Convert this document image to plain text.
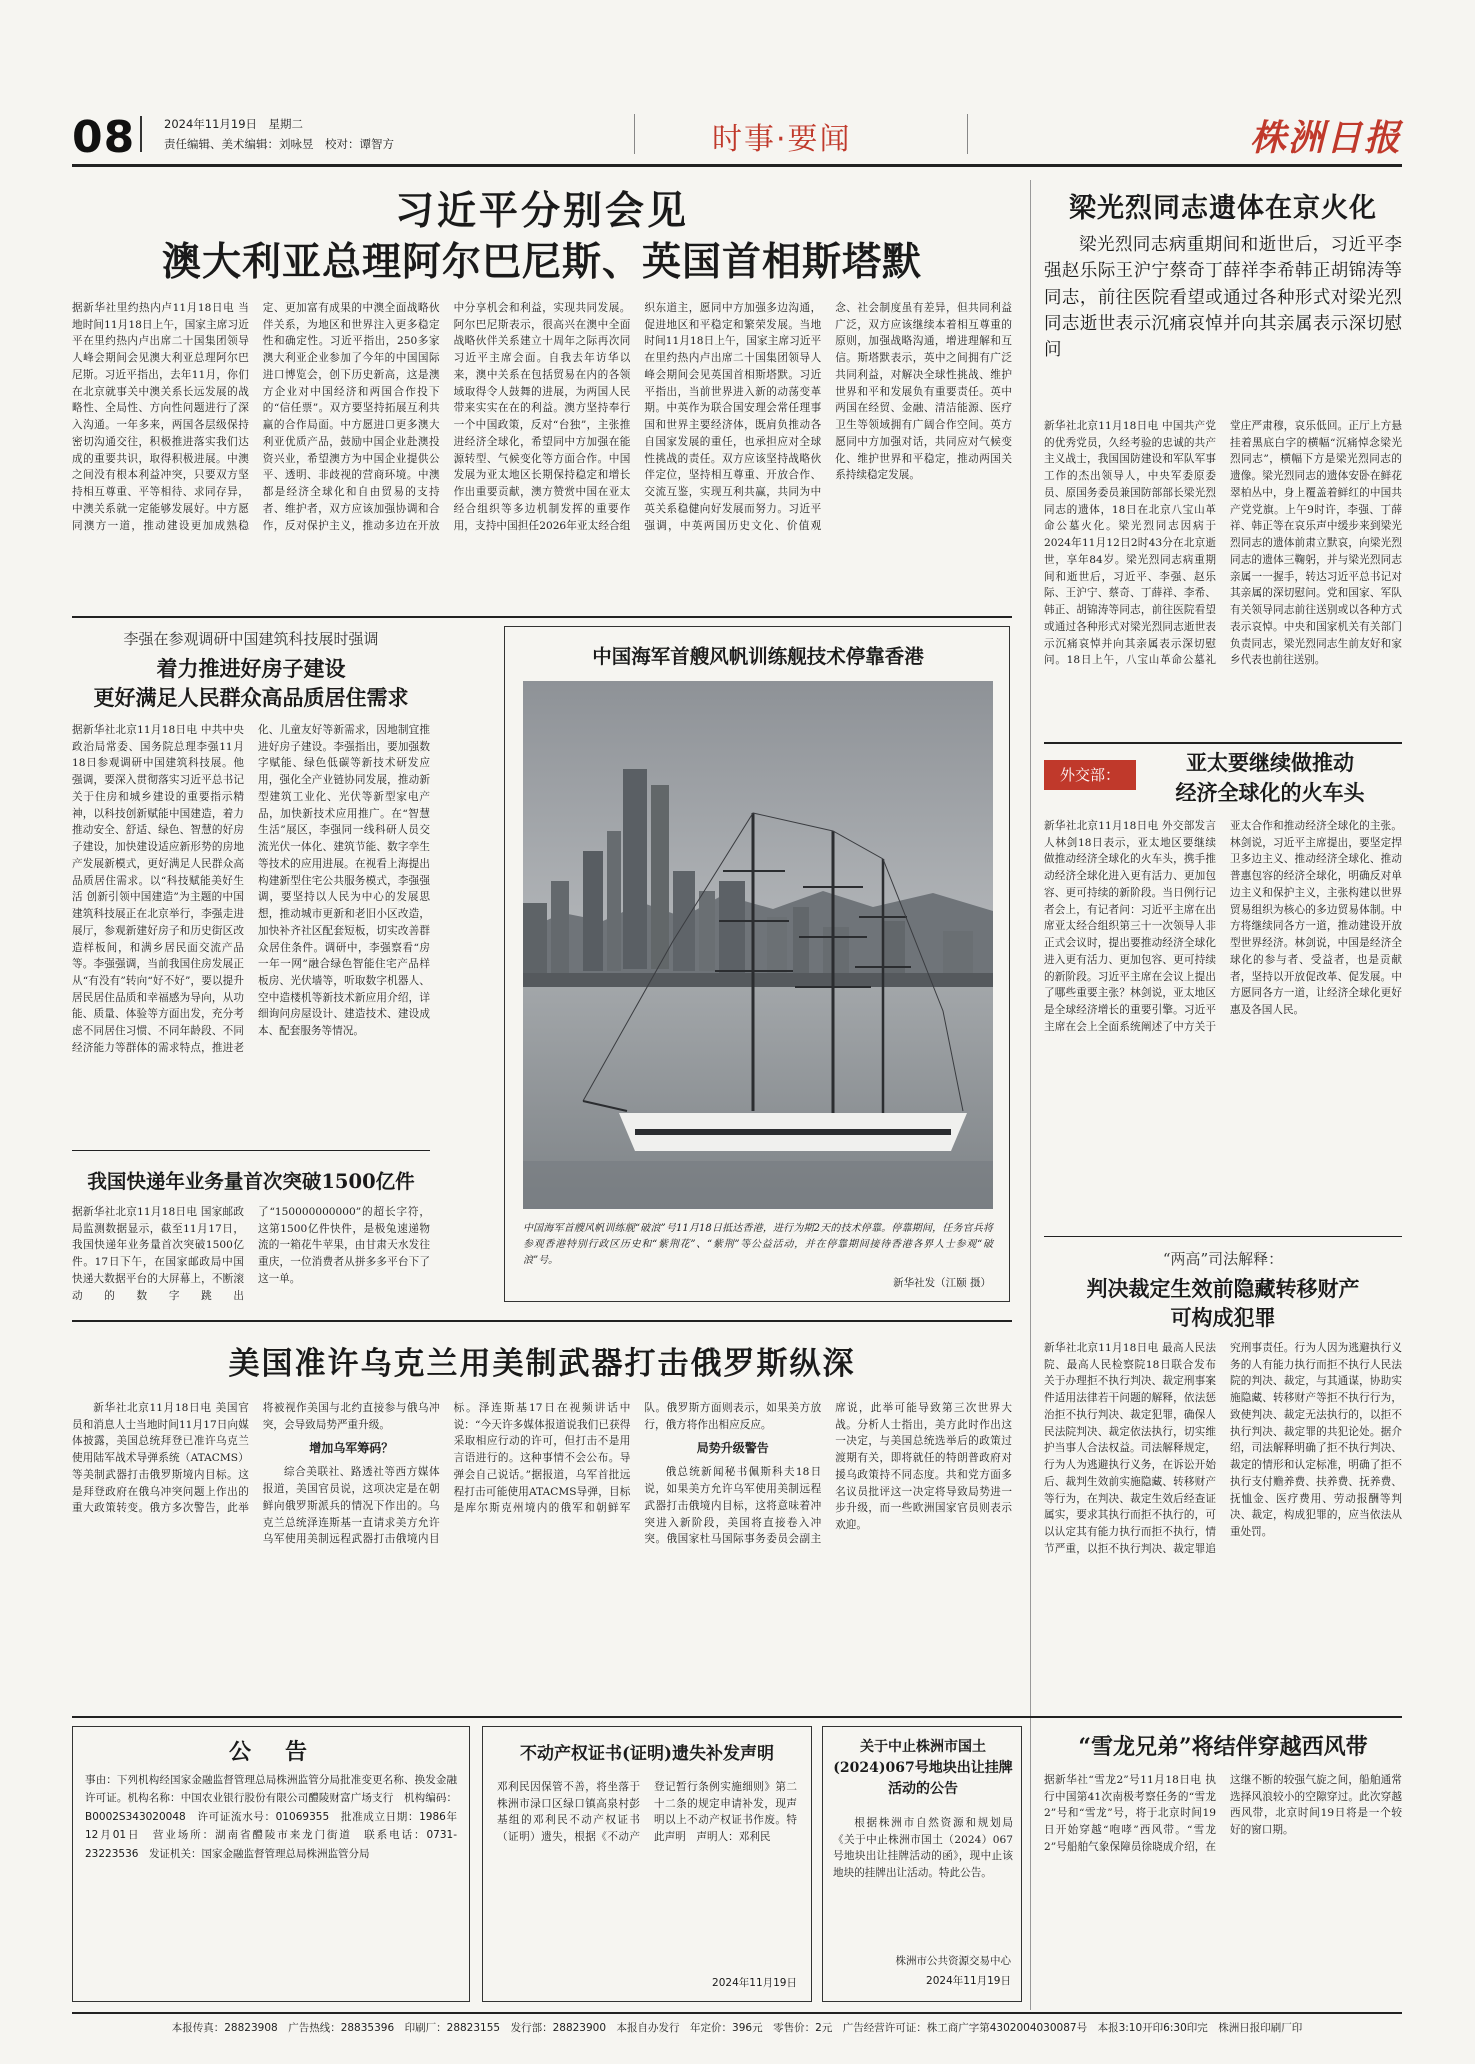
08	2024年11月19日　星期二
责任编辑、美术编辑：刘咏昱　校对：谭智方	时事·要闻	株洲日报
习近平分别会见
澳大利亚总理阿尔巴尼斯、英国首相斯塔默
据新华社里约热内卢11月18日电 当地时间11月18日上午，国家主席习近平在里约热内卢出席二十国集团领导人峰会期间会见澳大利亚总理阿尔巴尼斯。习近平指出，去年11月，你们在北京就事关中澳关系长远发展的战略性、全局性、方向性问题进行了深入沟通。一年多来，两国各层级保持密切沟通交往，积极推进落实我们达成的重要共识，取得积极进展。中澳之间没有根本利益冲突，只要双方坚持相互尊重、平等相待、求同存异，中澳关系就一定能够发展好。中方愿同澳方一道，推动建设更加成熟稳定、更加富有成果的中澳全面战略伙伴关系，为地区和世界注入更多稳定性和确定性。习近平指出，250多家澳大利亚企业参加了今年的中国国际进口博览会，创下历史新高，这是澳方企业对中国经济和两国合作投下的“信任票”。双方要坚持拓展互利共赢的合作局面。中方愿进口更多澳大利亚优质产品，鼓励中国企业赴澳投资兴业，希望澳方为中国企业提供公平、透明、非歧视的营商环境。中澳都是经济全球化和自由贸易的支持者、维护者，双方应该加强协调和合作，反对保护主义，推动多边在开放中分享机会和利益，实现共同发展。阿尔巴尼斯表示，很高兴在澳中全面战略伙伴关系建立十周年之际再次同习近平主席会面。自我去年访华以来，澳中关系在包括贸易在内的各领域取得令人鼓舞的进展，为两国人民带来实实在在的利益。澳方坚持奉行一个中国政策，反对“台独”，主张推进经济全球化，希望同中方加强在能源转型、气候变化等方面合作。中国发展为亚太地区长期保持稳定和增长作出重要贡献，澳方赞赏中国在亚太经合组织等多边机制发挥的重要作用，支持中国担任2026年亚太经合组织东道主，愿同中方加强多边沟通，促进地区和平稳定和繁荣发展。当地时间11月18日上午，国家主席习近平在里约热内卢出席二十国集团领导人峰会期间会见英国首相斯塔默。习近平指出，当前世界进入新的动荡变革期。中英作为联合国安理会常任理事国和世界主要经济体，既肩负推动各自国家发展的重任，也承担应对全球性挑战的责任。双方应该坚持战略伙伴定位，坚持相互尊重、开放合作、交流互鉴，实现互利共赢，共同为中英关系稳健向好发展而努力。习近平强调，中英两国历史文化、价值观念、社会制度虽有差异，但共同利益广泛，双方应该继续本着相互尊重的原则，加强战略沟通，增进理解和互信。斯塔默表示，英中之间拥有广泛共同利益，对解决全球性挑战、维护世界和平和发展负有重要责任。英中两国在经贸、金融、清洁能源、医疗卫生等领域拥有广阔合作空间。英方愿同中方加强对话，共同应对气候变化、维护世界和平稳定，推动两国关系持续稳定发展。
梁光烈同志遗体在京火化
梁光烈同志病重期间和逝世后，习近平李强赵乐际王沪宁蔡奇丁薛祥李希韩正胡锦涛等同志，前往医院看望或通过各种形式对梁光烈同志逝世表示沉痛哀悼并向其亲属表示深切慰问
新华社北京11月18日电 中国共产党的优秀党员，久经考验的忠诚的共产主义战士，我国国防建设和军队军事工作的杰出领导人，中央军委原委员、原国务委员兼国防部部长梁光烈同志的遗体，18日在北京八宝山革命公墓火化。梁光烈同志因病于2024年11月12日2时43分在北京逝世，享年84岁。梁光烈同志病重期间和逝世后，习近平、李强、赵乐际、王沪宁、蔡奇、丁薛祥、李希、韩正、胡锦涛等同志，前往医院看望或通过各种形式对梁光烈同志逝世表示沉痛哀悼并向其亲属表示深切慰问。18日上午，八宝山革命公墓礼堂庄严肃穆，哀乐低回。正厅上方悬挂着黑底白字的横幅“沉痛悼念梁光烈同志”，横幅下方是梁光烈同志的遗像。梁光烈同志的遗体安卧在鲜花翠柏丛中，身上覆盖着鲜红的中国共产党党旗。上午9时许，李强、丁薛祥、韩正等在哀乐声中缓步来到梁光烈同志的遗体前肃立默哀，向梁光烈同志的遗体三鞠躬，并与梁光烈同志亲属一一握手，转达习近平总书记对其亲属的深切慰问。党和国家、军队有关领导同志前往送别或以各种方式表示哀悼。中央和国家机关有关部门负责同志，梁光烈同志生前友好和家乡代表也前往送别。
李强在参观调研中国建筑科技展时强调
着力推进好房子建设
更好满足人民群众高品质居住需求
据新华社北京11月18日电 中共中央政治局常委、国务院总理李强11月18日参观调研中国建筑科技展。他强调，要深入贯彻落实习近平总书记关于住房和城乡建设的重要指示精神，以科技创新赋能中国建造，着力推动安全、舒适、绿色、智慧的好房子建设，加快建设适应新形势的房地产发展新模式，更好满足人民群众高品质居住需求。以“科技赋能美好生活 创新引领中国建造”为主题的中国建筑科技展正在北京举行，李强走进展厅，参观新建好房子和历史街区改造样板间，和满乡居民面交流产品等。李强强调，当前我国住房发展正从“有没有”转向“好不好”，要以提升居民居住品质和幸福感为导向，从功能、质量、体验等方面出发，充分考虑不同居住习惯、不同年龄段、不同经济能力等群体的需求特点，推进老化、儿童友好等新需求，因地制宜推进好房子建设。李强指出，要加强数字赋能、绿色低碳等新技术研发应用，强化全产业链协同发展，推动新型建筑工业化、光伏等新型家电产品，加快新技术应用推广。在“智慧生活”展区，李强同一线科研人员交流光伏一体化、建筑节能、数字孪生等技术的应用进展。在视看上海提出构建新型住宅公共服务模式，李强强调，要坚持以人民为中心的发展思想，推动城市更新和老旧小区改造，加快补齐社区配套短板，切实改善群众居住条件。调研中，李强察看“房一年一网”融合绿色智能住宅产品样板房、光伏墙等，听取数字机器人、空中造楼机等新技术新应用介绍，详细询问房屋设计、建造技术、建设成本、配套服务等情况。
我国快递年业务量首次突破1500亿件
据新华社北京11月18日电 国家邮政局监测数据显示，截至11月17日，我国快递年业务量首次突破1500亿件。17日下午，在国家邮政局中国快递大数据平台的大屏幕上，不断滚动的数字跳出了“150000000000”的超长字符，这第1500亿件快件，是极兔速递物流的一箱花牛苹果，由甘肃天水发往重庆，一位消费者从拼多多平台下了这一单。
中国海军首艘风帆训练舰技术停靠香港
中国海军首艘风帆训练舰“破浪”号11月18日抵达香港，进行为期2天的技术停靠。停靠期间，任务官兵将参观香港特别行政区历史和“紫荆花”、“紫荆”等公益活动，并在停靠期间接待香港各界人士参观“破浪”号。
新华社发（江颐 摄）
外交部：	亚太要继续做推动
经济全球化的火车头
新华社北京11月18日电 外交部发言人林剑18日表示，亚太地区要继续做推动经济全球化的火车头，携手推动经济全球化进入更有活力、更加包容、更可持续的新阶段。当日例行记者会上，有记者问：习近平主席在出席亚太经合组织第三十一次领导人非正式会议时，提出要推动经济全球化进入更有活力、更加包容、更可持续的新阶段。习近平主席在会议上提出了哪些重要主张？林剑说，亚太地区是全球经济增长的重要引擎。习近平主席在会上全面系统阐述了中方关于亚太合作和推动经济全球化的主张。林剑说，习近平主席提出，要坚定捍卫多边主义、推动经济全球化、推动普惠包容的经济全球化，明确反对单边主义和保护主义，主张构建以世界贸易组织为核心的多边贸易体制。中方将继续同各方一道，推动建设开放型世界经济。林剑说，中国是经济全球化的参与者、受益者，也是贡献者，坚持以开放促改革、促发展。中方愿同各方一道，让经济全球化更好惠及各国人民。
“两高”司法解释：
判决裁定生效前隐藏转移财产
可构成犯罪
新华社北京11月18日电 最高人民法院、最高人民检察院18日联合发布关于办理拒不执行判决、裁定刑事案件适用法律若干问题的解释，依法惩治拒不执行判决、裁定犯罪，确保人民法院判决、裁定依法执行，切实维护当事人合法权益。司法解释规定，行为人为逃避执行义务，在诉讼开始后、裁判生效前实施隐藏、转移财产等行为，在判决、裁定生效后经查证属实，要求其执行而拒不执行的，可以认定其有能力执行而拒不执行，情节严重，以拒不执行判决、裁定罪追究刑事责任。行为人因为逃避执行义务的人有能力执行而拒不执行人民法院的判决、裁定，与其通谋，协助实施隐藏、转移财产等拒不执行行为，致使判决、裁定无法执行的，以拒不执行判决、裁定罪的共犯论处。据介绍，司法解释明确了拒不执行判决、裁定的情形和认定标准，明确了拒不执行支付赡养费、扶养费、抚养费、抚恤金、医疗费用、劳动报酬等判决、裁定，构成犯罪的，应当依法从重处罚。
美国准许乌克兰用美制武器打击俄罗斯纵深

新华社北京11月18日电 美国官员和消息人士当地时间11月17日向媒体披露，美国总统拜登已准许乌克兰使用陆军战术导弹系统（ATACMS）等美制武器打击俄罗斯境内目标。这是拜登政府在俄乌冲突问题上作出的重大政策转变。俄方多次警告，此举将被视作美国与北约直接参与俄乌冲突，会导致局势严重升级。

增加乌军筹码？

综合美联社、路透社等西方媒体报道，美国官员说，这项决定是在朝鲜向俄罗斯派兵的情况下作出的。乌克兰总统泽连斯基一直请求美方允许乌军使用美制远程武器打击俄境内目标。泽连斯基17日在视频讲话中说：“今天许多媒体报道说我们已获得采取相应行动的许可，但打击不是用言语进行的。这种事情不会公布。导弹会自己说话。”据报道，乌军首批远程打击可能使用ATACMS导弹，目标是库尔斯克州境内的俄军和朝鲜军队。俄罗斯方面则表示，如果美方放行，俄方将作出相应反应。

局势升级警告

俄总统新闻秘书佩斯科夫18日说，如果美方允许乌军使用美制远程武器打击俄境内目标，这将意味着冲突进入新阶段，美国将直接卷入冲突。俄国家杜马国际事务委员会副主席说，此举可能导致第三次世界大战。分析人士指出，美方此时作出这一决定，与美国总统选举后的政策过渡期有关，即将就任的特朗普政府对援乌政策持不同态度。共和党方面多名议员批评这一决定将导致局势进一步升级，而一些欧洲国家官员则表示欢迎。

公　告
事由：下列机构经国家金融监督管理总局株洲监管分局批准变更名称、换发金融许可证。机构名称：中国农业银行股份有限公司醴陵财富广场支行　机构编码：B0002S343020048　许可证流水号：01069355　批准成立日期：1986年12月01日　营业场所：湖南省醴陵市来龙门街道　联系电话：0731-23223536　发证机关：国家金融监督管理总局株洲监管分局
不动产权证书(证明)遗失补发声明
邓利民因保管不善，将坐落于株洲市渌口区绿口镇高泉村彭基组的邓利民不动产权证书（证明）遗失，根据《不动产登记暂行条例实施细则》第二十二条的规定申请补发，现声明以上不动产权证书作废。特此声明　声明人：邓利民
2024年11月19日
关于中止株洲市国土(2024)067号地块出让挂牌活动的公告
根据株洲市自然资源和规划局《关于中止株洲市国土（2024）067号地块出让挂牌活动的函》，现中止该地块的挂牌出让活动。特此公告。
株洲市公共资源交易中心
2024年11月19日
“雪龙兄弟”将结伴穿越西风带
据新华社“雪龙2”号11月18日电 执行中国第41次南极考察任务的“雪龙2”号和“雪龙”号，将于北京时间19日开始穿越“咆哮”西风带。“雪龙2”号船舶气象保障员徐晓成介绍，在这继不断的较强气旋之间，船舶通常选择风浪较小的空隙穿过。此次穿越西风带，北京时间19日将是一个较好的窗口期。
本报传真：28823908　广告热线：28835396　印刷厂：28823155　发行部：28823900　本报自办发行　年定价：396元　零售价：2元　广告经营许可证：株工商广字第4302004030087号　本报3:10开印6:30印完　株洲日报印刷厂印
